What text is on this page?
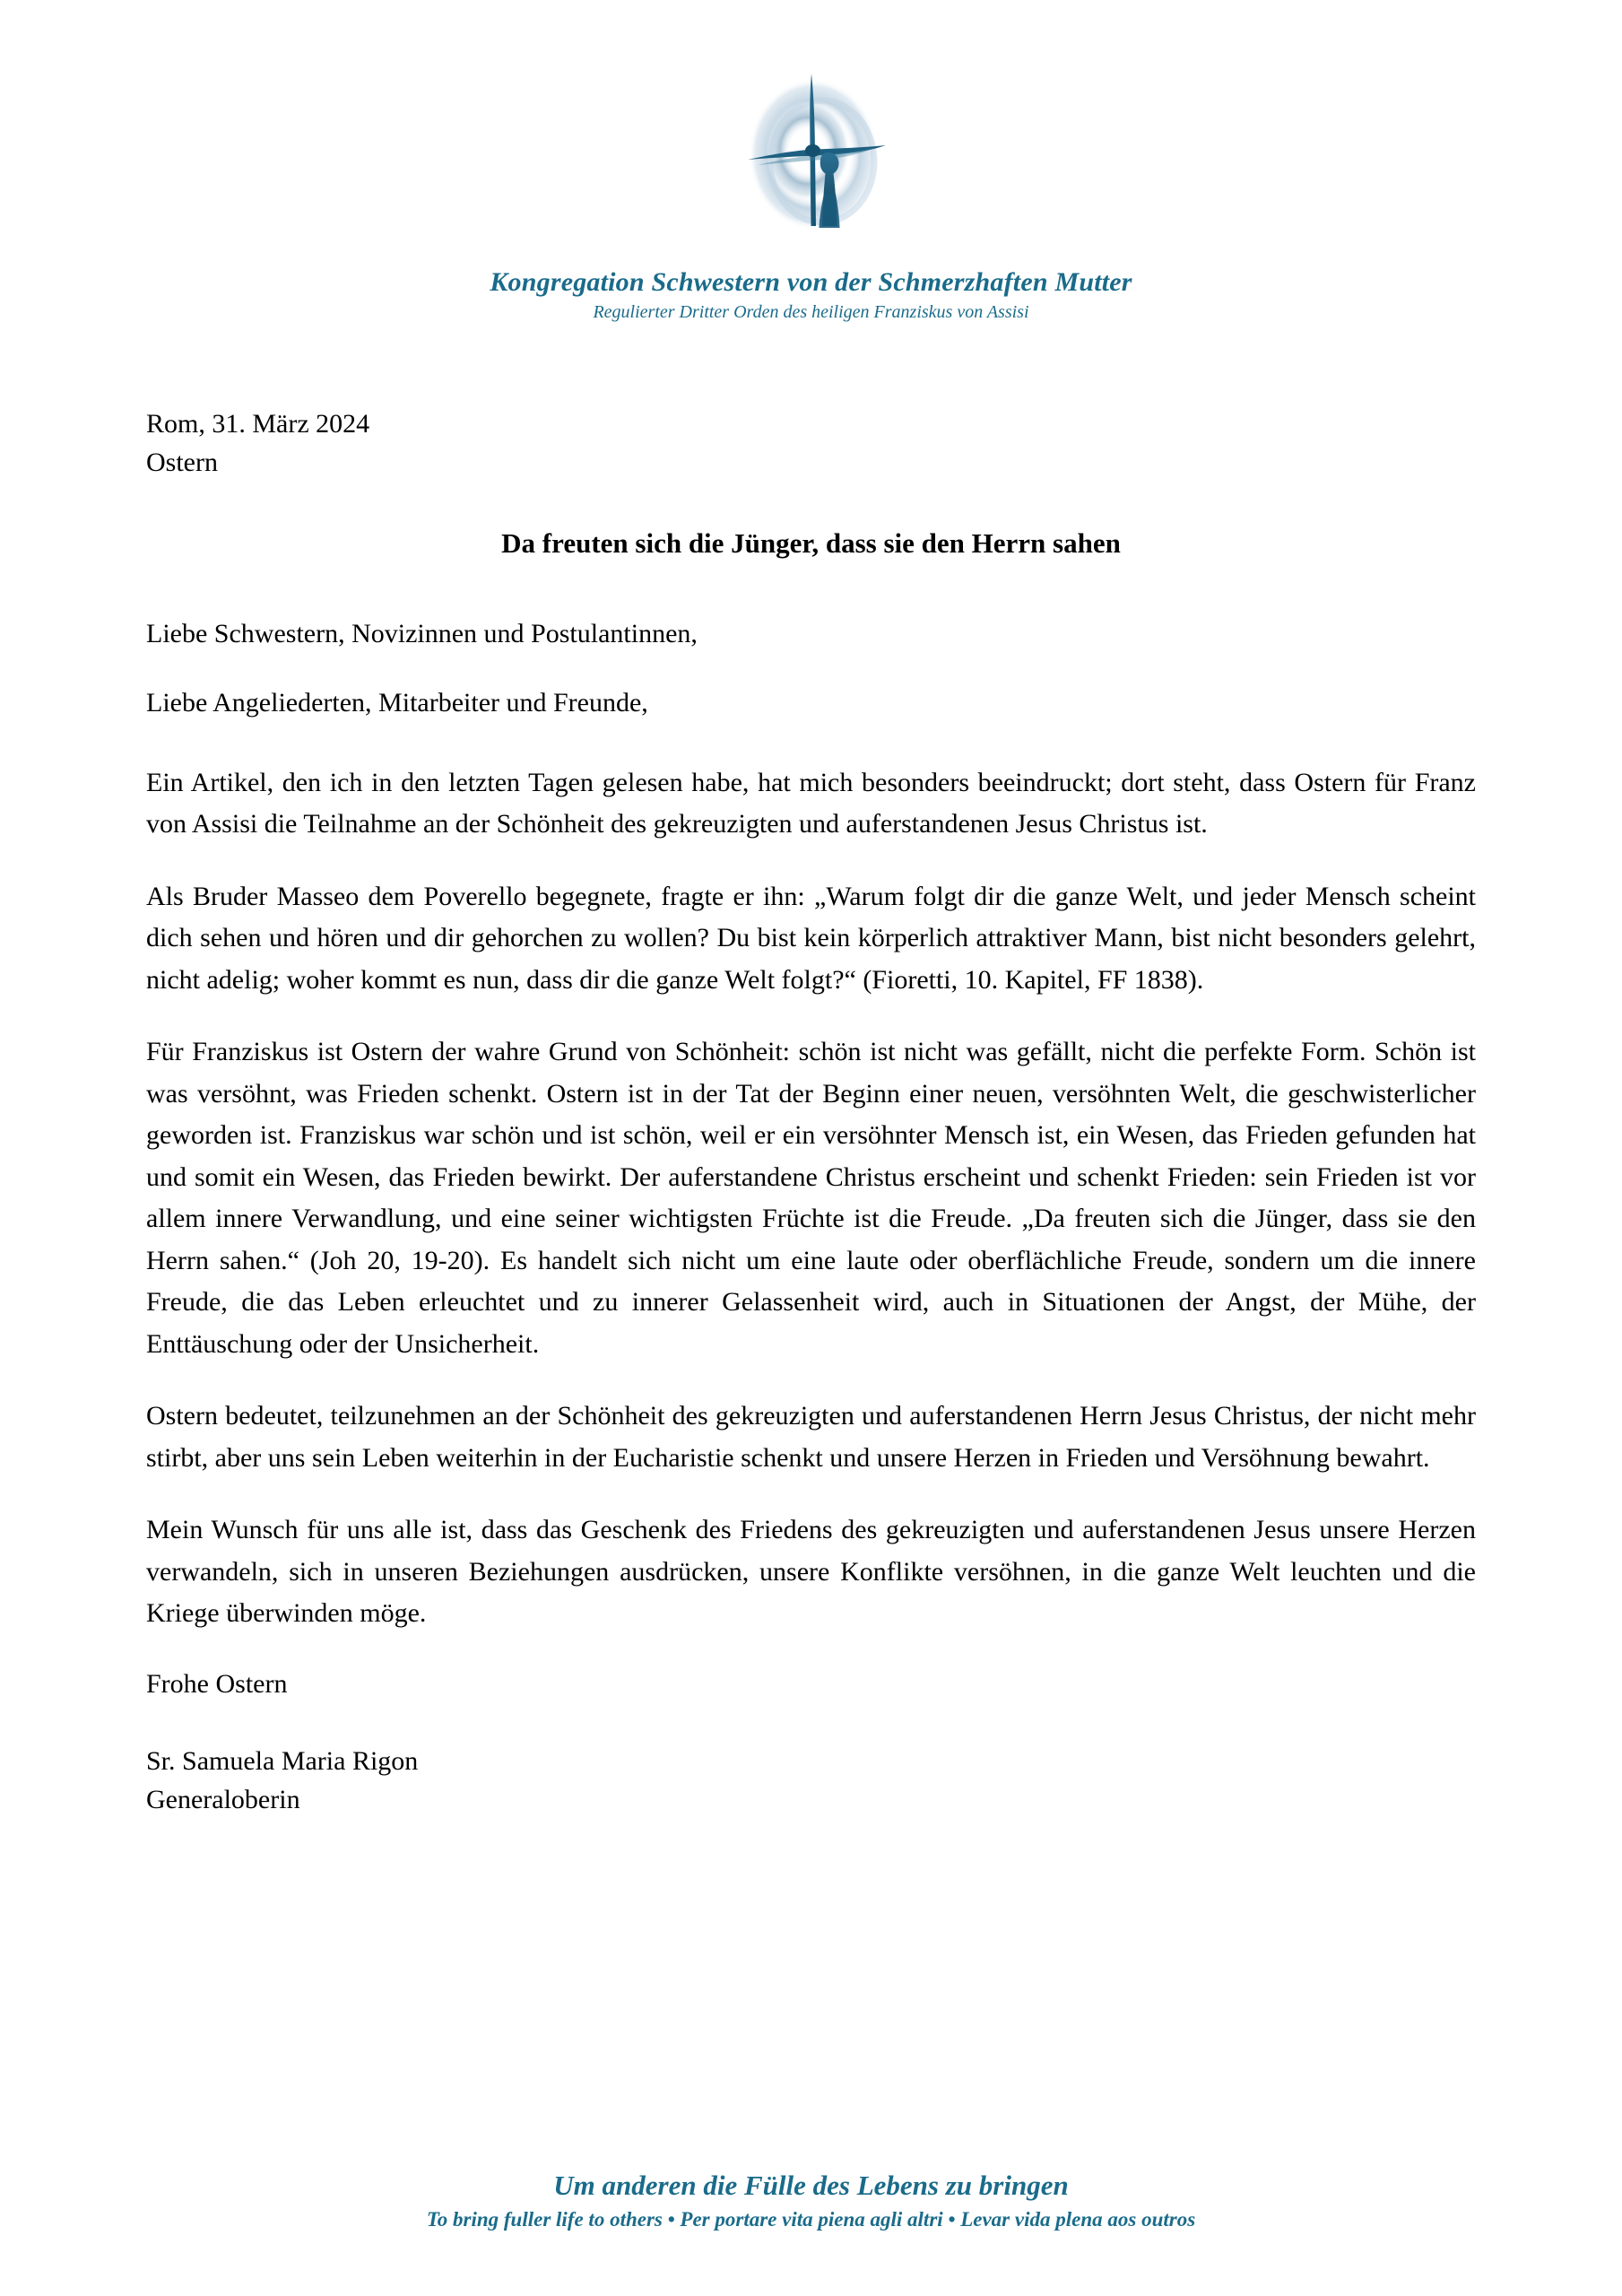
Kongregation Schwestern von der Schmerzhaften Mutter

Regulierter Dritter Orden des heiligen Franziskus von Assisi

Rom, 31. März 2024
Ostern
Da freuten sich die Jünger, dass sie den Herrn sahen

Liebe Schwestern, Novizinnen und Postulantinnen,

Liebe Angeliederten, Mitarbeiter und Freunde,

Ein Artikel, den ich in den letzten Tagen gelesen habe, hat mich besonders beeindruckt; dort steht, dass Ostern für Franz von Assisi die Teilnahme an der Schönheit des gekreuzigten und auferstandenen Jesus Christus ist.

Als Bruder Masseo dem Poverello begegnete, fragte er ihn: „Warum folgt dir die ganze Welt, und jeder Mensch scheint dich sehen und hören und dir gehorchen zu wollen? Du bist kein körperlich attraktiver Mann, bist nicht besonders gelehrt, nicht adelig; woher kommt es nun, dass dir die ganze Welt folgt?“ (Fioretti, 10. Kapitel, FF 1838).

Für Franziskus ist Ostern der wahre Grund von Schönheit: schön ist nicht was gefällt, nicht die perfekte Form. Schön ist was versöhnt, was Frieden schenkt. Ostern ist in der Tat der Beginn einer neuen, versöhnten Welt, die geschwisterlicher geworden ist. Franziskus war schön und ist schön, weil er ein versöhnter Mensch ist, ein Wesen, das Frieden gefunden hat und somit ein Wesen, das Frieden bewirkt. Der auferstandene Christus erscheint und schenkt Frieden: sein Frieden ist vor allem innere Verwandlung, und eine seiner wichtigsten Früchte ist die Freude. „Da freuten sich die Jünger, dass sie den Herrn sahen.“ (Joh 20, 19-20). Es handelt sich nicht um eine laute oder oberflächliche Freude, sondern um die innere Freude, die das Leben erleuchtet und zu innerer Gelassenheit wird, auch in Situationen der Angst, der Mühe, der Enttäuschung oder der Unsicherheit.

Ostern bedeutet, teilzunehmen an der Schönheit des gekreuzigten und auferstandenen Herrn Jesus Christus, der nicht mehr stirbt, aber uns sein Leben weiterhin in der Eucharistie schenkt und unsere Herzen in Frieden und Versöhnung bewahrt.

Mein Wunsch für uns alle ist, dass das Geschenk des Friedens des gekreuzigten und auferstandenen Jesus unsere Herzen verwandeln, sich in unseren Beziehungen ausdrücken, unsere Konflikte versöhnen, in die ganze Welt leuchten und die Kriege überwinden möge.

Frohe Ostern

Sr. Samuela Maria Rigon
Generaloberin

Um anderen die Fülle des Lebens zu bringen

To bring fuller life to others • Per portare vita piena agli altri • Levar vida plena aos outros
